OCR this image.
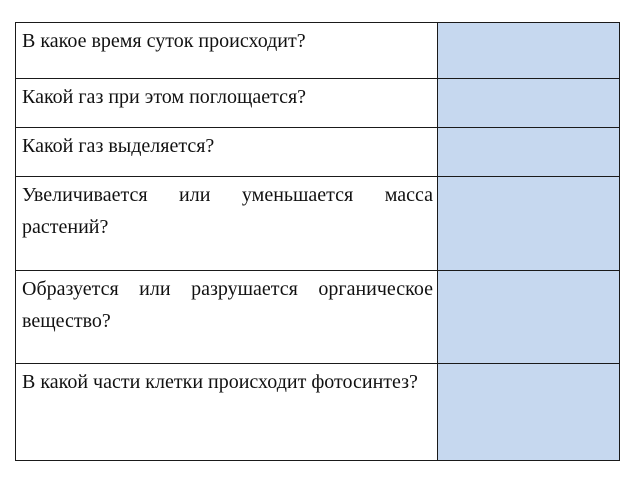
В какое время суток происходит?	
Какой газ при этом поглощается?	
Какой газ выделяется?	
Увеличивается или уменьшается масса растений?	
Образуется или разрушается органическое вещество?	
В какой части клетки происходит фотосинтез?	
